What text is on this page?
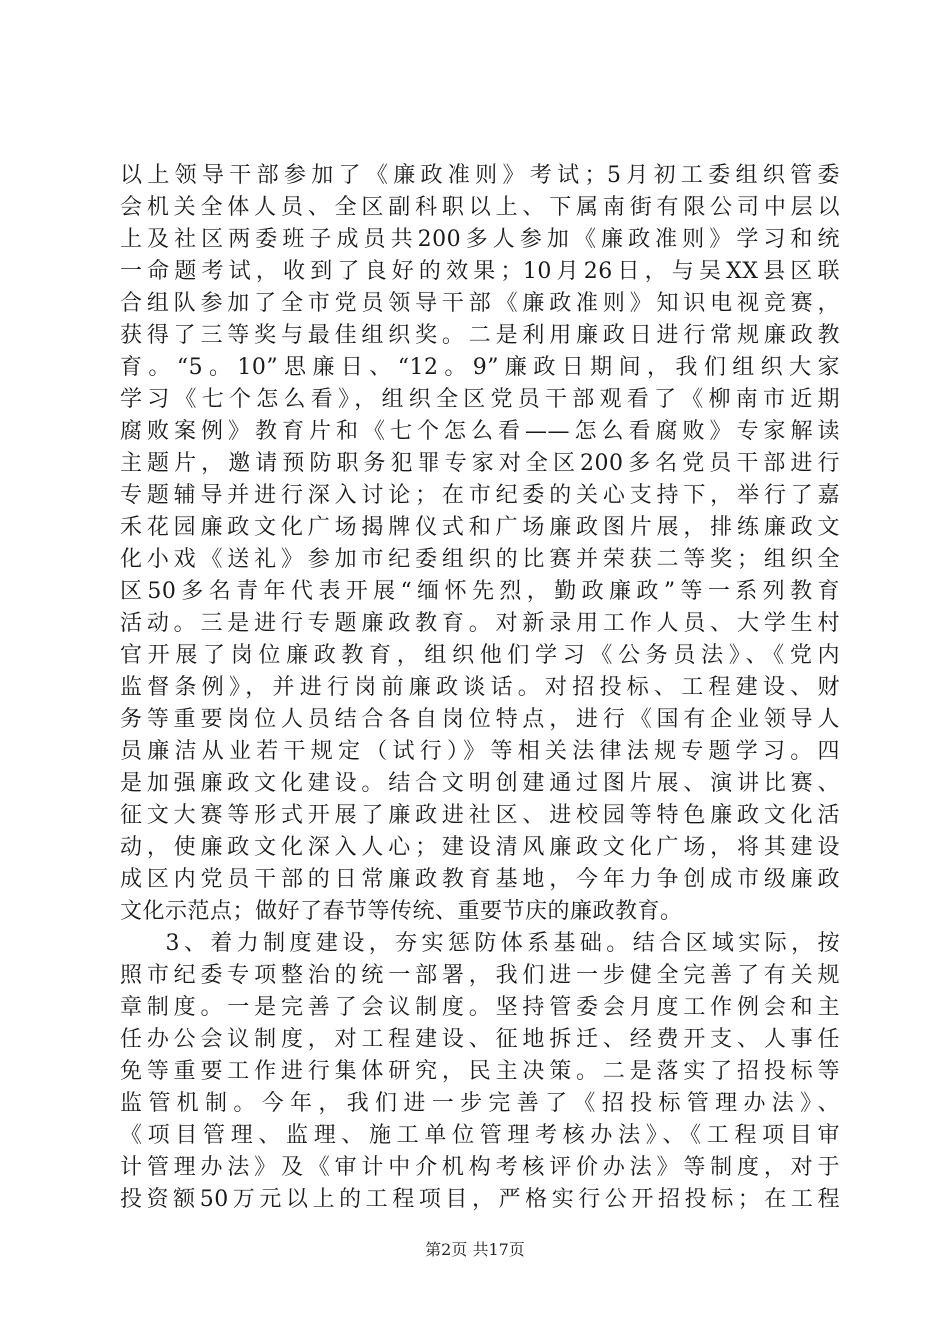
以上领导干部参加了《廉政准则》考试；5月初工委组织管委
会机关全体人员、全区副科职以上、下属南街有限公司中层以
上及社区两委班子成员共200多人参加《廉政准则》学习和统
一命题考试，收到了良好的效果；10月26日，与吴XX县区联
合组队参加了全市党员领导干部《廉政准则》知识电视竞赛，
获得了三等奖与最佳组织奖。二是利用廉政日进行常规廉政教
育。“5。10”思廉日、“12。9”廉政日期间，我们组织大家
学习《七个怎么看》，组织全区党员干部观看了《柳南市近期
腐败案例》教育片和《七个怎么看——怎么看腐败》专家解读
主题片，邀请预防职务犯罪专家对全区200多名党员干部进行
专题辅导并进行深入讨论；在市纪委的关心支持下，举行了嘉
禾花园廉政文化广场揭牌仪式和广场廉政图片展，排练廉政文
化小戏《送礼》参加市纪委组织的比赛并荣获二等奖；组织全
区50多名青年代表开展“缅怀先烈，勤政廉政”等一系列教育
活动。三是进行专题廉政教育。对新录用工作人员、大学生村
官开展了岗位廉政教育，组织他们学习《公务员法》、《党内
监督条例》，并进行岗前廉政谈话。对招投标、工程建设、财
务等重要岗位人员结合各自岗位特点，进行《国有企业领导人
员廉洁从业若干规定（试行）》等相关法律法规专题学习。四
是加强廉政文化建设。结合文明创建通过图片展、演讲比赛、
征文大赛等形式开展了廉政进社区、进校园等特色廉政文化活
动，使廉政文化深入人心；建设清风廉政文化广场，将其建设
成区内党员干部的日常廉政教育基地，今年力争创成市级廉政
文化示范点；做好了春节等传统、重要节庆的廉政教育。
3、着力制度建设，夯实惩防体系基础。结合区域实际，按
照市纪委专项整治的统一部署，我们进一步健全完善了有关规
章制度。一是完善了会议制度。坚持管委会月度工作例会和主
任办公会议制度，对工程建设、征地拆迁、经费开支、人事任
免等重要工作进行集体研究，民主决策。二是落实了招投标等
监管机制。今年，我们进一步完善了《招投标管理办法》、
《项目管理、监理、施工单位管理考核办法》、《工程项目审
计管理办法》及《审计中介机构考核评价办法》等制度，对于
投资额50万元以上的工程项目，严格实行公开招投标；在工程
第2页 共17页
